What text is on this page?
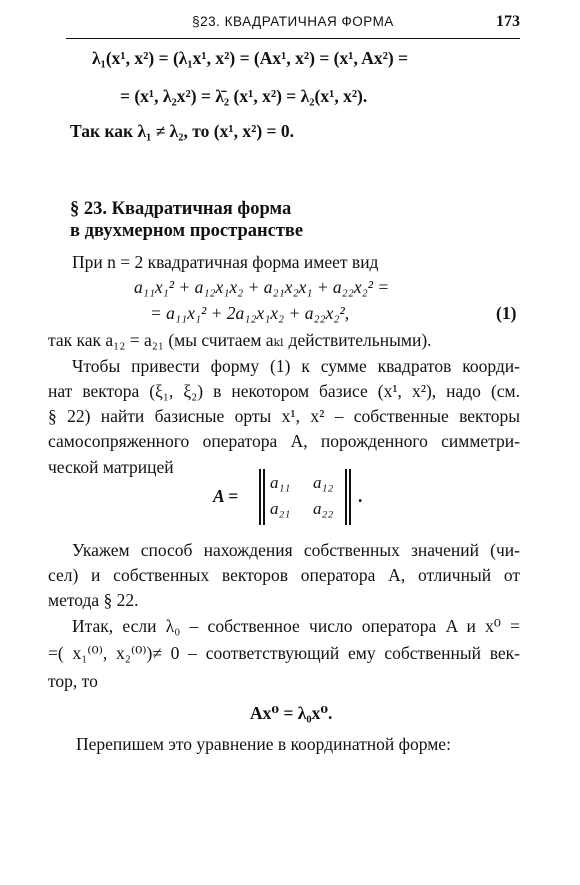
§23. КВАДРАТИЧНАЯ ФОРМА	173
λ₁(x¹, x²) = (λ₁x¹, x²) = (Ax¹, x²) = (x¹, Ax²) =
= (x¹, λ₂x²) = λ̄₂ (x¹, x²) = λ₂(x¹, x²).
Так как λ₁ ≠ λ₂, то (x¹, x²) = 0.
§ 23. Квадратичная форма
в двухмерном пространстве
При n = 2 квадратичная форма имеет вид
a₁₁x₁² + a₁₂x₁x₂ + a₂₁x₂x₁ + a₂₂x₂² =
= a₁₁x₁² + 2a₁₂x₁x₂ + a₂₂x₂²,	(1)
так как a₁₂ = a₂₁ (мы считаем aₖₗ действительными).
Чтобы привести форму (1) к сумме квадратов коорди-
нат вектора (ξ₁, ξ₂) в некотором базисе (x¹, x²), надо (см.
§ 22) найти базисные орты x¹, x² – собственные векторы
самосопряженного оператора A, порожденного симметри-
ческой матрицей
A =
a₁₁ a₁₂
a₂₁ a₂₂
.
Укажем способ нахождения собственных значений (чи-
сел) и собственных векторов оператора A, отличный от
метода § 22.
Итак, если λ₀ – собственное число оператора A и x⁰ =
=( x₁⁽⁰⁾, x₂⁽⁰⁾)≠ 0 – соответствующий ему собственный век-
тор, то
Ax⁰ = λ₀x⁰.
Перепишем это уравнение в координатной форме:
